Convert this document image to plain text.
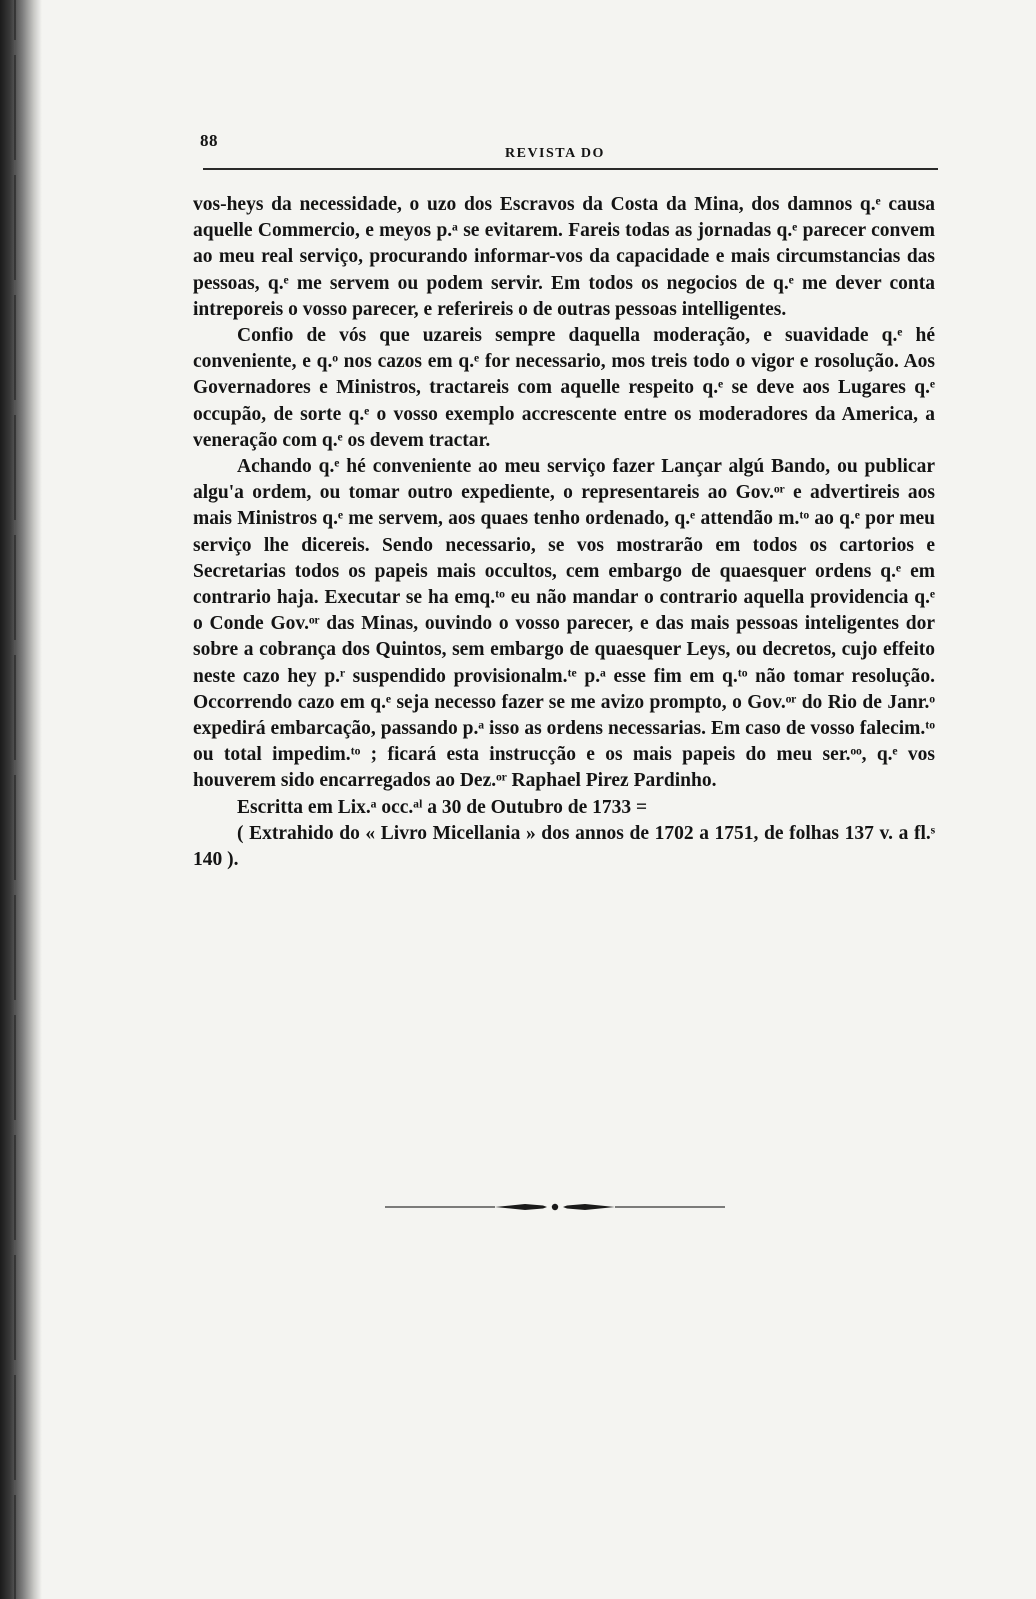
88
REVISTA DO

vos-heys da necessidade, o uzo dos Escravos da Costa da Mina, dos damnos q.ᵉ causa aquelle Commercio, e meyos p.ᵃ se evitarem. Fareis todas as jornadas q.ᵉ parecer convem ao meu real serviço, procurando informar-vos da capacidade e mais circumstancias das pessoas, q.ᵉ me servem ou podem servir. Em todos os negocios de q.ᵉ me dever conta intreporeis o vosso parecer, e referireis o de outras pessoas intelligentes.

Confio de vós que uzareis sempre daquella moderação, e suavidade q.ᵉ hé conveniente, e q.ᵒ nos cazos em q.ᵉ for necessario, mos treis todo o vigor e rosolução. Aos Governadores e Ministros, tractareis com aquelle respeito q.ᵉ se deve aos Lugares q.ᵉ occupão, de sorte q.ᵉ o vosso exemplo accrescente entre os moderadores da America, a veneração com q.ᵉ os devem tractar.

Achando q.ᵉ hé conveniente ao meu serviço fazer Lançar algú Bando, ou publicar algu'a ordem, ou tomar outro expediente, o representareis ao Gov.ᵒʳ e advertireis aos mais Ministros q.ᵉ me servem, aos quaes tenho ordenado, q.ᵉ attendão m.ᵗᵒ ao q.ᵉ por meu serviço lhe dicereis. Sendo necessario, se vos mostrarão em todos os cartorios e Secretarias todos os papeis mais occultos, cem embargo de quaesquer ordens q.ᵉ em contrario haja. Executar se ha emq.ᵗᵒ eu não mandar o contrario aquella providencia q.ᵉ o Conde Gov.ᵒʳ das Minas, ouvindo o vosso parecer, e das mais pessoas inteligentes dor sobre a cobrança dos Quintos, sem embargo de quaesquer Leys, ou decretos, cujo effeito neste cazo hey p.ʳ suspendido provisionalm.ᵗᵉ p.ᵃ esse fim em q.ᵗᵒ não tomar resolução. Occorrendo cazo em q.ᵉ seja necesso fazer se me avizo prompto, o Gov.ᵒʳ do Rio de Janr.ᵒ expedirá embarcação, passando p.ᵃ isso as ordens necessarias. Em caso de vosso falecim.ᵗᵒ ou total impedim.ᵗᵒ ; ficará esta instrucção e os mais papeis do meu ser.ᵒᵒ, q.ᵉ vos houverem sido encarregados ao Dez.ᵒʳ Raphael Pirez Pardinho.

Escritta em Lix.ᵃ occ.ᵃˡ a 30 de Outubro de 1733 =

( Extrahido do « Livro Micellania » dos annos de 1702 a 1751, de folhas 137 v. a fl.ˢ 140 ).
